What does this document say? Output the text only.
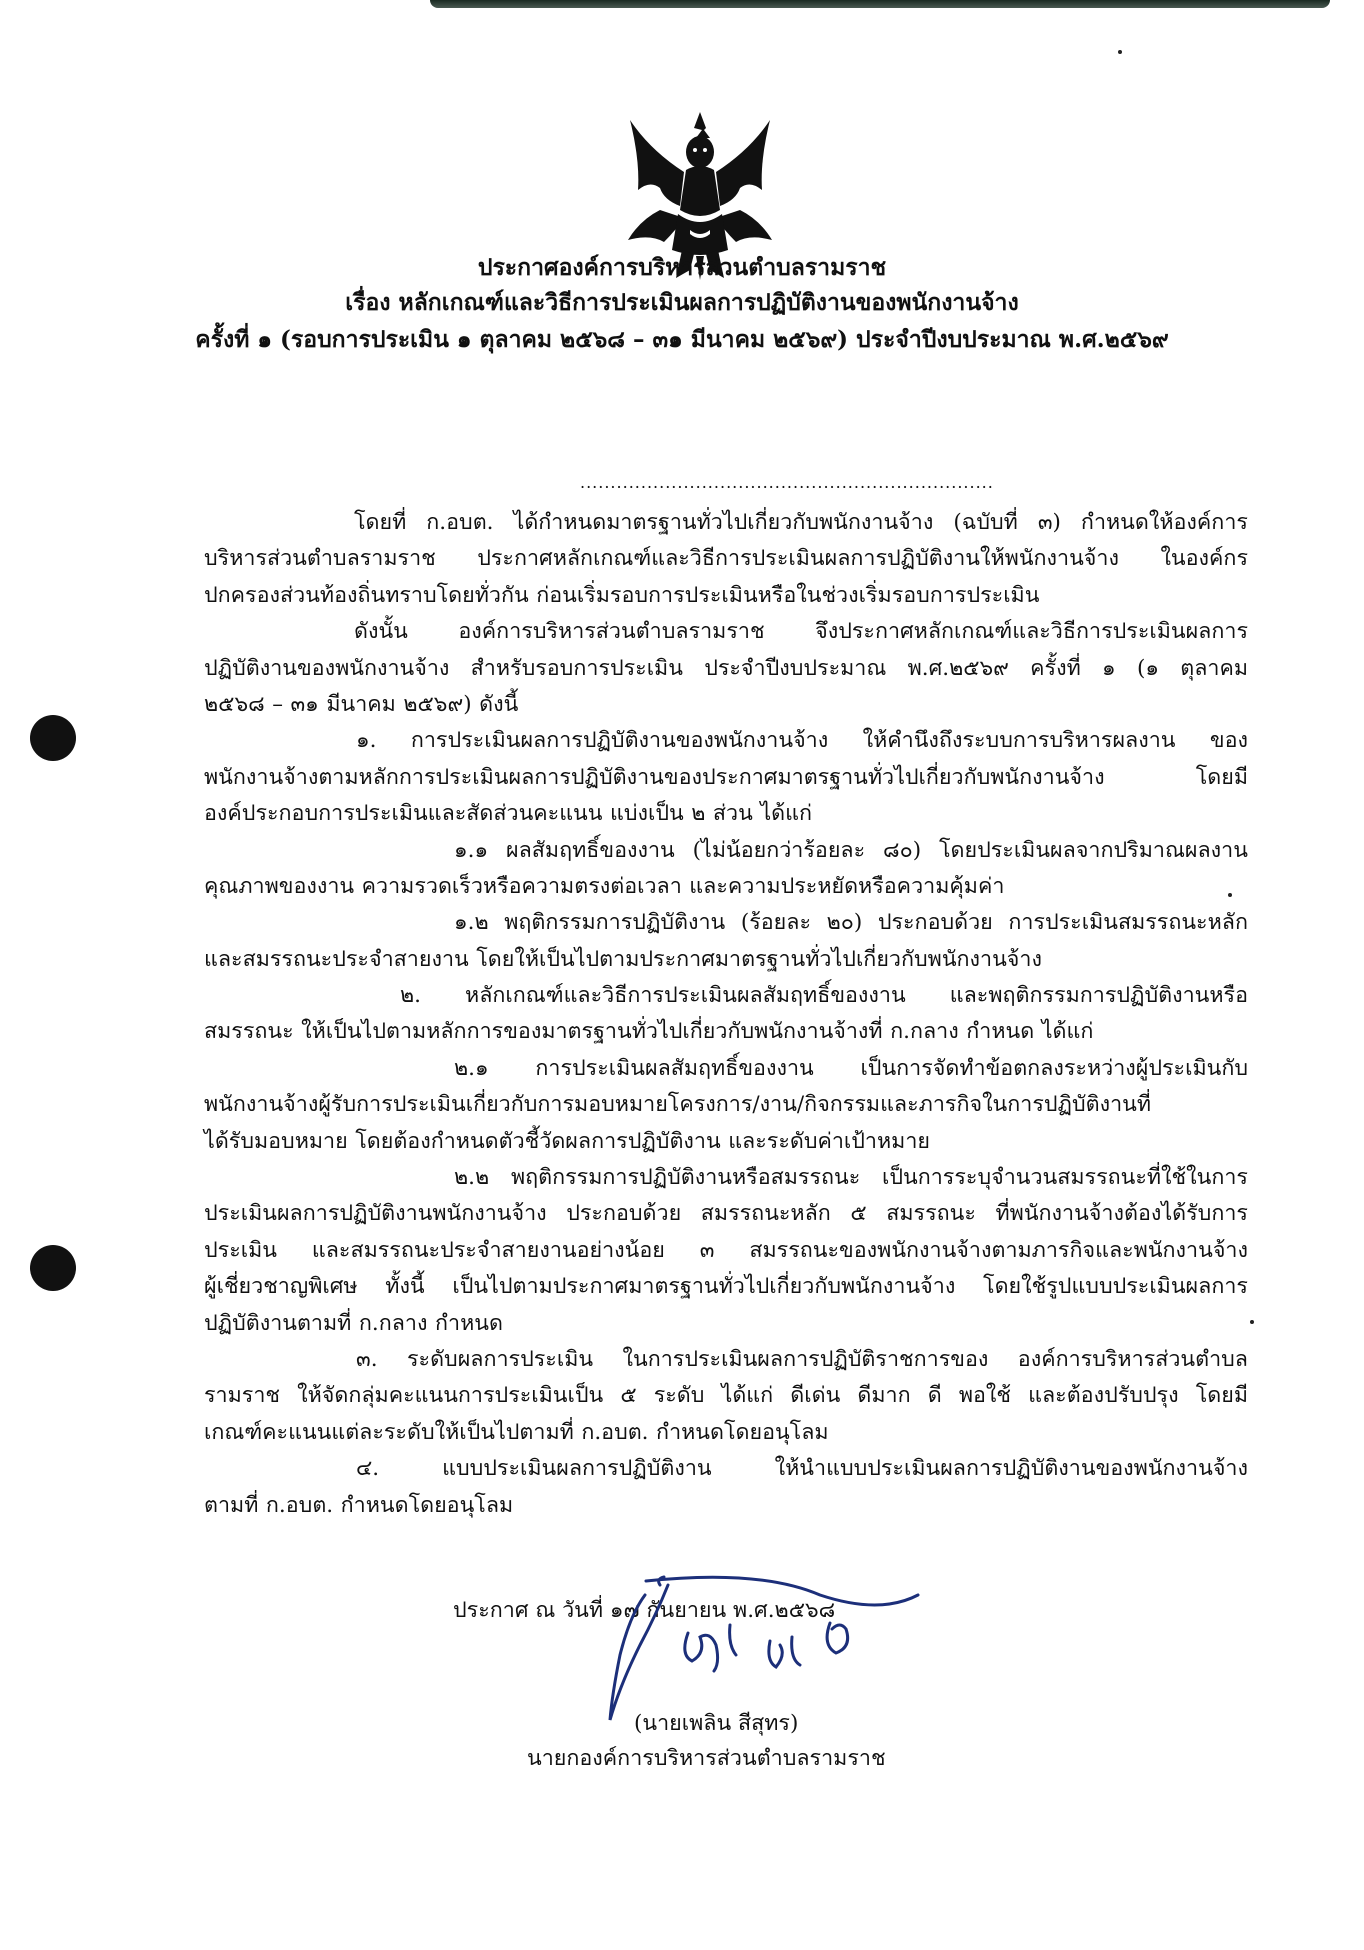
ประกาศองค์การบริหารส่วนตำบลรามราช
เรื่อง หลักเกณฑ์และวิธีการประเมินผลการปฏิบัติงานของพนักงานจ้าง
ครั้งที่ ๑ (รอบการประเมิน ๑ ตุลาคม ๒๕๖๘ – ๓๑ มีนาคม ๒๕๖๙) ประจำปีงบประมาณ พ.ศ.๒๕๖๙
....................................................................
โดยที่ ก.อบต. ได้กำหนดมาตรฐานทั่วไปเกี่ยวกับพนักงานจ้าง (ฉบับที่ ๓) กำหนดให้องค์การ
บริหารส่วนตำบลรามราช ประกาศหลักเกณฑ์และวิธีการประเมินผลการปฏิบัติงานให้พนักงานจ้าง ในองค์กร
ปกครองส่วนท้องถิ่นทราบโดยทั่วกัน ก่อนเริ่มรอบการประเมินหรือในช่วงเริ่มรอบการประเมิน
ดังนั้น องค์การบริหารส่วนตำบลรามราช จึงประกาศหลักเกณฑ์และวิธีการประเมินผลการ
ปฏิบัติงานของพนักงานจ้าง สำหรับรอบการประเมิน ประจำปีงบประมาณ พ.ศ.๒๕๖๙ ครั้งที่ ๑ (๑ ตุลาคม
๒๕๖๘ – ๓๑ มีนาคม ๒๕๖๙) ดังนี้
๑. การประเมินผลการปฏิบัติงานของพนักงานจ้าง ให้คำนึงถึงระบบการบริหารผลงาน ของ
พนักงานจ้างตามหลักการประเมินผลการปฏิบัติงานของประกาศมาตรฐานทั่วไปเกี่ยวกับพนักงานจ้าง	โดยมี
องค์ประกอบการประเมินและสัดส่วนคะแนน แบ่งเป็น ๒ ส่วน ได้แก่
๑.๑ ผลสัมฤทธิ์ของงาน (ไม่น้อยกว่าร้อยละ ๘๐) โดยประเมินผลจากปริมาณผลงาน
คุณภาพของงาน ความรวดเร็วหรือความตรงต่อเวลา และความประหยัดหรือความคุ้มค่า
๑.๒ พฤติกรรมการปฏิบัติงาน (ร้อยละ ๒๐) ประกอบด้วย การประเมินสมรรถนะหลัก
และสมรรถนะประจำสายงาน โดยให้เป็นไปตามประกาศมาตรฐานทั่วไปเกี่ยวกับพนักงานจ้าง
๒. หลักเกณฑ์และวิธีการประเมินผลสัมฤทธิ์ของงาน และพฤติกรรมการปฏิบัติงานหรือ
สมรรถนะ ให้เป็นไปตามหลักการของมาตรฐานทั่วไปเกี่ยวกับพนักงานจ้างที่ ก.กลาง กำหนด ได้แก่
๒.๑ การประเมินผลสัมฤทธิ์ของงาน เป็นการจัดทำข้อตกลงระหว่างผู้ประเมินกับ
พนักงานจ้างผู้รับการประเมินเกี่ยวกับการมอบหมายโครงการ/งาน/กิจกรรมและภารกิจในการปฏิบัติงานที่
ได้รับมอบหมาย โดยต้องกำหนดตัวชี้วัดผลการปฏิบัติงาน และระดับค่าเป้าหมาย
๒.๒ พฤติกรรมการปฏิบัติงานหรือสมรรถนะ เป็นการระบุจำนวนสมรรถนะที่ใช้ในการ
ประเมินผลการปฏิบัติงานพนักงานจ้าง ประกอบด้วย สมรรถนะหลัก ๕ สมรรถนะ ที่พนักงานจ้างต้องได้รับการ
ประเมิน และสมรรถนะประจำสายงานอย่างน้อย ๓ สมรรถนะของพนักงานจ้างตามภารกิจและพนักงานจ้าง
ผู้เชี่ยวชาญพิเศษ ทั้งนี้ เป็นไปตามประกาศมาตรฐานทั่วไปเกี่ยวกับพนักงานจ้าง โดยใช้รูปแบบประเมินผลการ
ปฏิบัติงานตามที่ ก.กลาง กำหนด
๓. ระดับผลการประเมิน ในการประเมินผลการปฏิบัติราชการของ องค์การบริหารส่วนตำบล
รามราช ให้จัดกลุ่มคะแนนการประเมินเป็น ๕ ระดับ ได้แก่ ดีเด่น ดีมาก ดี พอใช้ และต้องปรับปรุง โดยมี
เกณฑ์คะแนนแต่ละระดับให้เป็นไปตามที่ ก.อบต. กำหนดโดยอนุโลม
๔.	แบบประเมินผลการปฏิบัติงาน	ให้นำแบบประเมินผลการปฏิบัติงานของพนักงานจ้าง
ตามที่ ก.อบต. กำหนดโดยอนุโลม
ประกาศ ณ วันที่ ๑๗ กันยายน พ.ศ.๒๕๖๘
(นายเพลิน สีสุทร)
นายกองค์การบริหารส่วนตำบลรามราช
